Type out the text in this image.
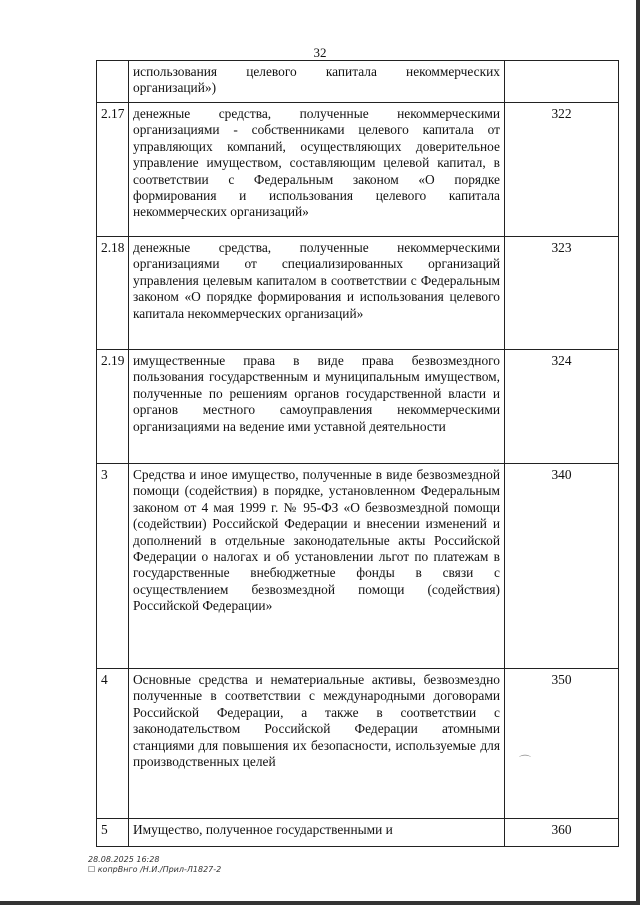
32
	использования целевого капитала некоммерческих организаций»)	
2.17	денежные средства, полученные некоммерческими организациями - собственниками целевого капитала от управляющих компаний, осуществляющих доверительное управление имуществом, составляющим целевой капитал, в соответствии с Федеральным законом «О порядке формирования и использования целевого капитала некоммерческих организаций»	322
2.18	денежные средства, полученные некоммерческими организациями от специализированных организаций управления целевым капиталом в соответствии с Федеральным законом «О порядке формирования и использования целевого капитала некоммерческих организаций»	323
2.19	имущественные права в виде права безвозмездного пользования государственным и муниципальным имуществом, полученные по решениям органов государственной власти и органов местного самоуправления некоммерческими организациями на ведение ими уставной деятельности	324
3	Средства и иное имущество, полученные в виде безвозмездной помощи (содействия) в порядке, установленном Федеральным законом от 4 мая 1999 г. № 95-ФЗ «О безвозмездной помощи (содействии) Российской Федерации и внесении изменений и дополнений в отдельные законодательные акты Российской Федерации о налогах и об установлении льгот по платежам в государственные внебюджетные фонды в связи с осуществлением безвозмездной помощи (содействия) Российской Федерации»	340
4	Основные средства и нематериальные активы, безвозмездно полученные в соответствии с международными договорами Российской Федерации, а также в соответствии с законодательством Российской Федерации атомными станциями для повышения их безопасности, используемые для производственных целей	350
5	Имущество, полученное государственными и	360
⌒
28.08.2025 16:28
☐ копрВнго /Н.И./Прил-Л1827-2
